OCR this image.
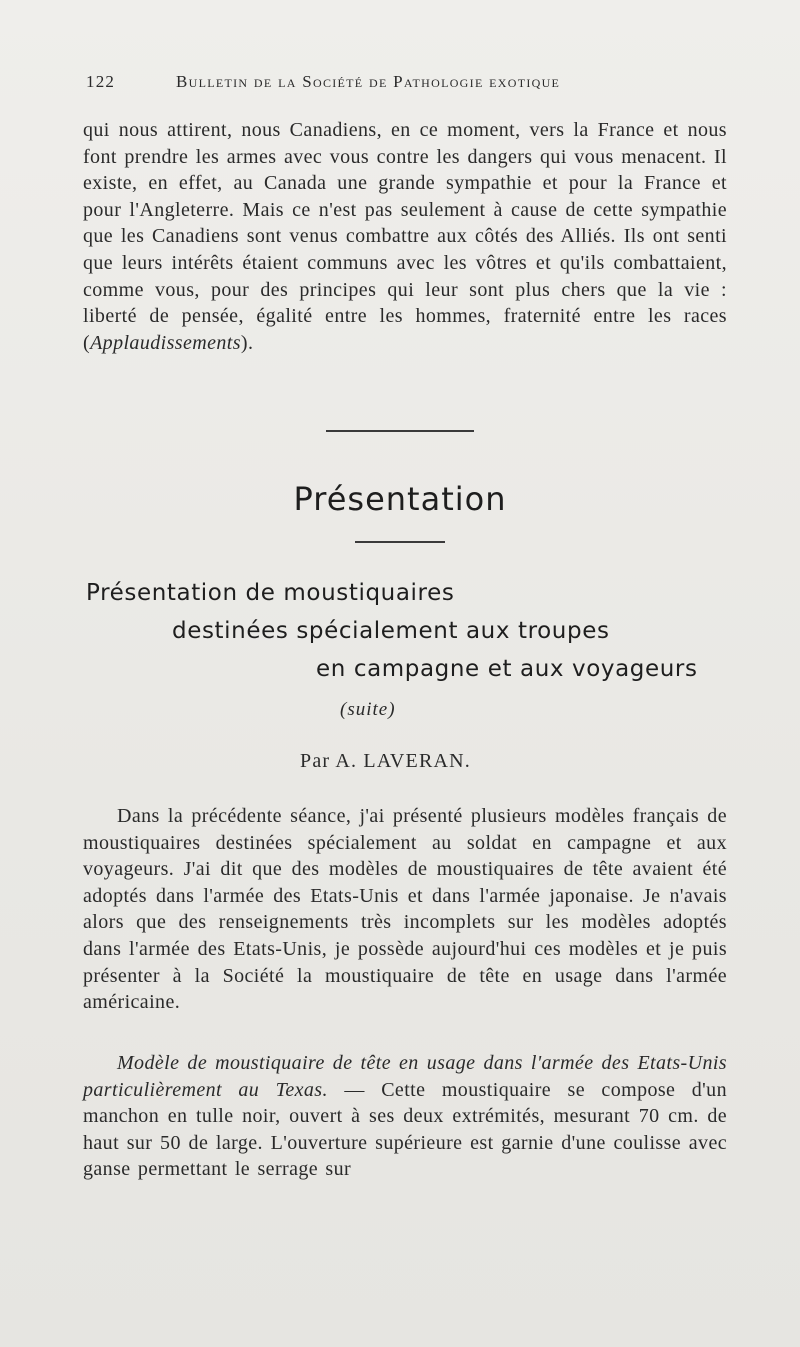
122	Bulletin de la Société de Pathologie exotique
qui nous attirent, nous Canadiens, en ce moment, vers la France et nous font prendre les armes avec vous contre les dangers qui vous menacent. Il existe, en effet, au Canada une grande sympathie et pour la France et pour l'Angleterre. Mais ce n'est pas seulement à cause de cette sympathie que les Canadiens sont venus combattre aux côtés des Alliés. Ils ont senti que leurs intérêts étaient communs avec les vôtres et qu'ils combattaient, comme vous, pour des principes qui leur sont plus chers que la vie : liberté de pensée, égalité entre les hommes, fraternité entre les races (Applaudissements).
Présentation
Présentation de moustiquaires
destinées spécialement aux troupes
en campagne et aux voyageurs
(suite)
Par A. LAVERAN.
Dans la précédente séance, j'ai présenté plusieurs modèles français de moustiquaires destinées spécialement au soldat en campagne et aux voyageurs. J'ai dit que des modèles de moustiquaires de tête avaient été adoptés dans l'armée des Etats-Unis et dans l'armée japonaise. Je n'avais alors que des renseignements très incomplets sur les modèles adoptés dans l'armée des Etats-Unis, je possède aujourd'hui ces modèles et je puis présenter à la Société la moustiquaire de tête en usage dans l'armée américaine.
Modèle de moustiquaire de tête en usage dans l'armée des Etats-Unis particulièrement au Texas. — Cette moustiquaire se compose d'un manchon en tulle noir, ouvert à ses deux extrémités, mesurant 70 cm. de haut sur 50 de large. L'ouverture supérieure est garnie d'une coulisse avec ganse permettant le serrage sur
